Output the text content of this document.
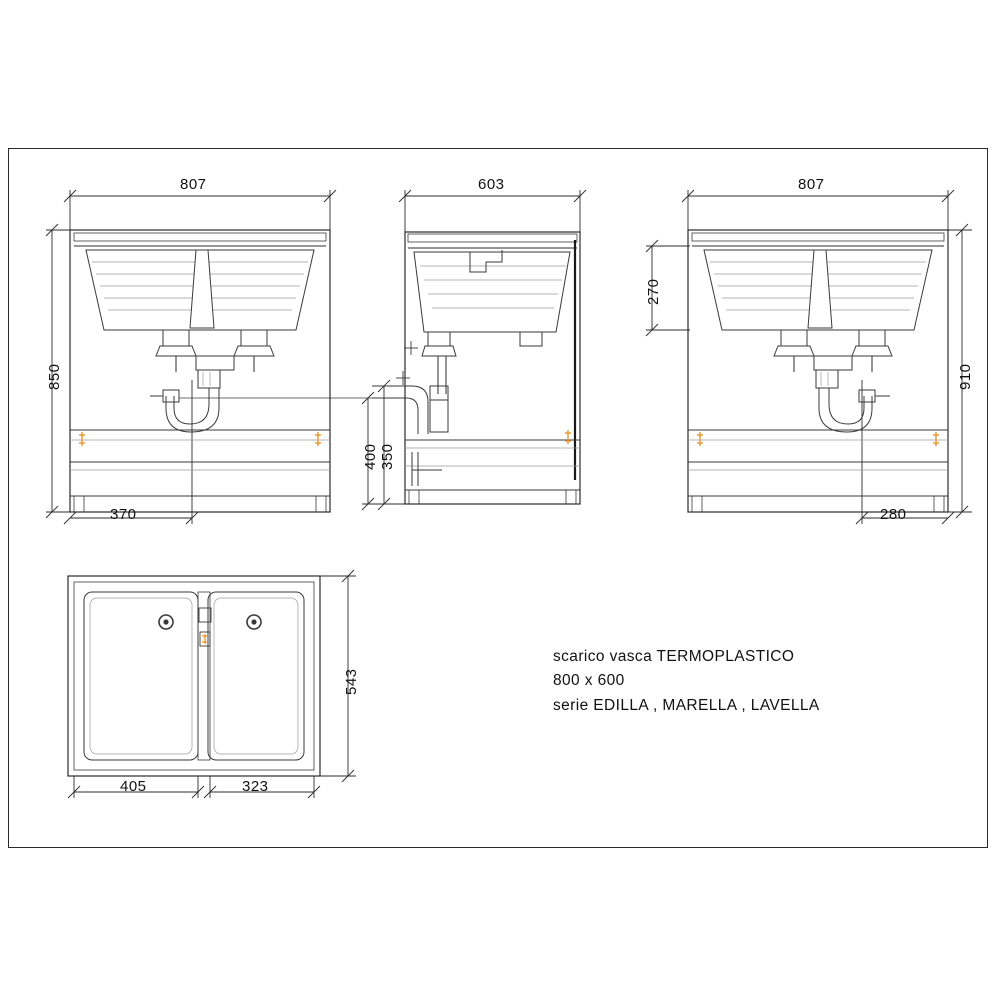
807
850
370
603
400 350
807
270
910
280
543
405	323
scarico vasca TERMOPLASTICO
800 x 600
serie EDILLA , MARELLA , LAVELLA
